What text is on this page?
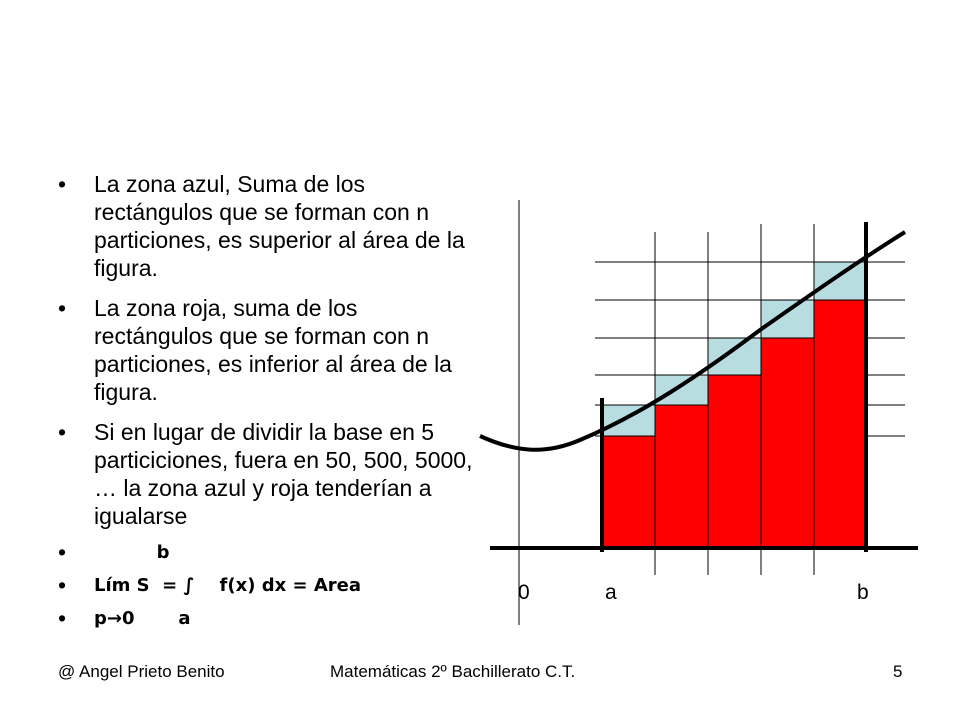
• La zona azul, Suma de los rectángulos que se forman con n particiones, es superior al área de la figura.
• La zona roja, suma de los rectángulos que se forman con n particiones, es inferior al área de la figura.
• Si en lugar de dividir la base en 5 particiciones, fuera en 50, 500, 5000, … la zona azul y roja tenderían a igualarse
•           b
• Lím S  = ∫    f(x) dx = Area
• p→0       a
0	a	b
@ Angel Prieto Benito	Matemáticas 2º Bachillerato C.T.	5
